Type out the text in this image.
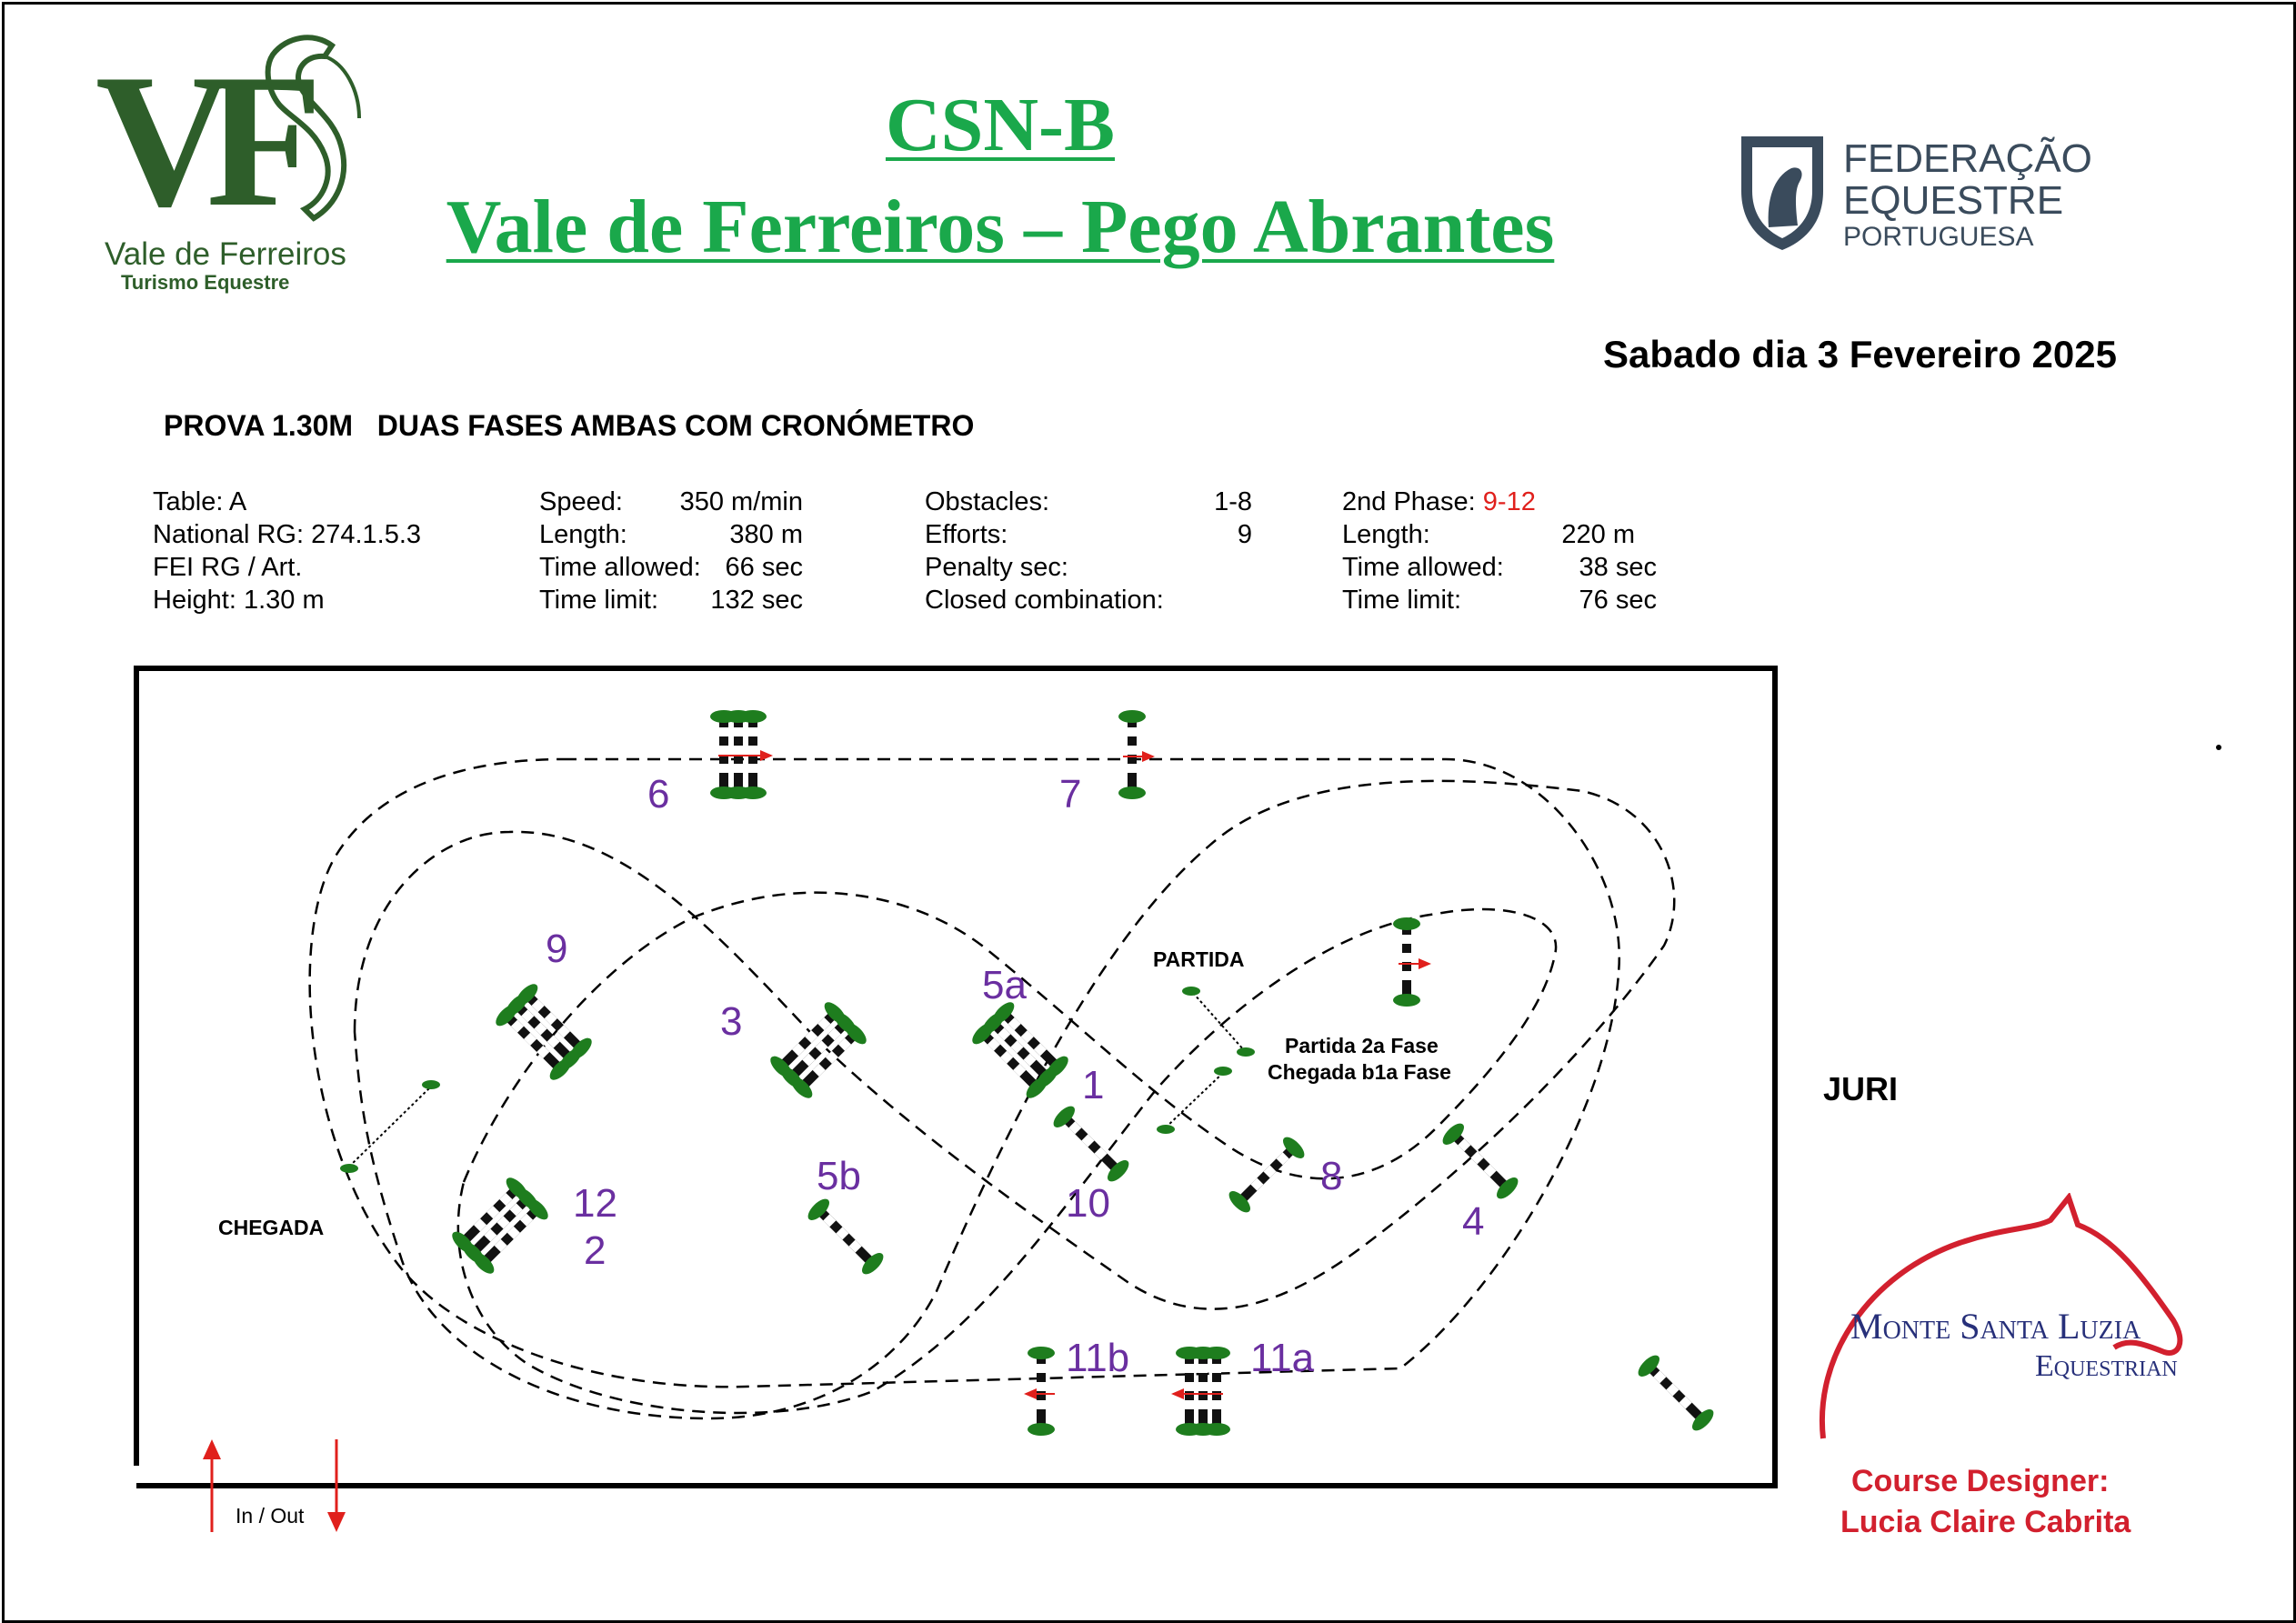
VF
Vale de Ferreiros
Turismo Equestre
CSN-B
Vale de Ferreiros – Pego Abrantes
FEDERAÇÃO
EQUESTRE
PORTUGUESA
Sabado dia 3 Fevereiro 2025
PROVA 1.30M   DUAS FASES AMBAS COM CRONÓMETRO
Table: A
National RG: 274.1.5.3
FEI RG / Art.
Height: 1.30 m
Speed: 350 m/min
Length:	380 m
Time allowed: 66 sec
Time limit: 132 sec
Obstacles:	1-8
Efforts:	9
Penalty sec:
Closed combination:
2nd Phase: 9-12
Length:	220 m
Time allowed:	38 sec
Time limit:	76 sec
6	7
9
3
5a
1
5b
10
8
4
12
2
11b	11a
PARTIDA
Partida 2a Fase
Chegada b1a Fase
CHEGADA
JURI
In / Out
Monte Santa Luzia
Equestrian
Course Designer:
Lucia Claire Cabrita
